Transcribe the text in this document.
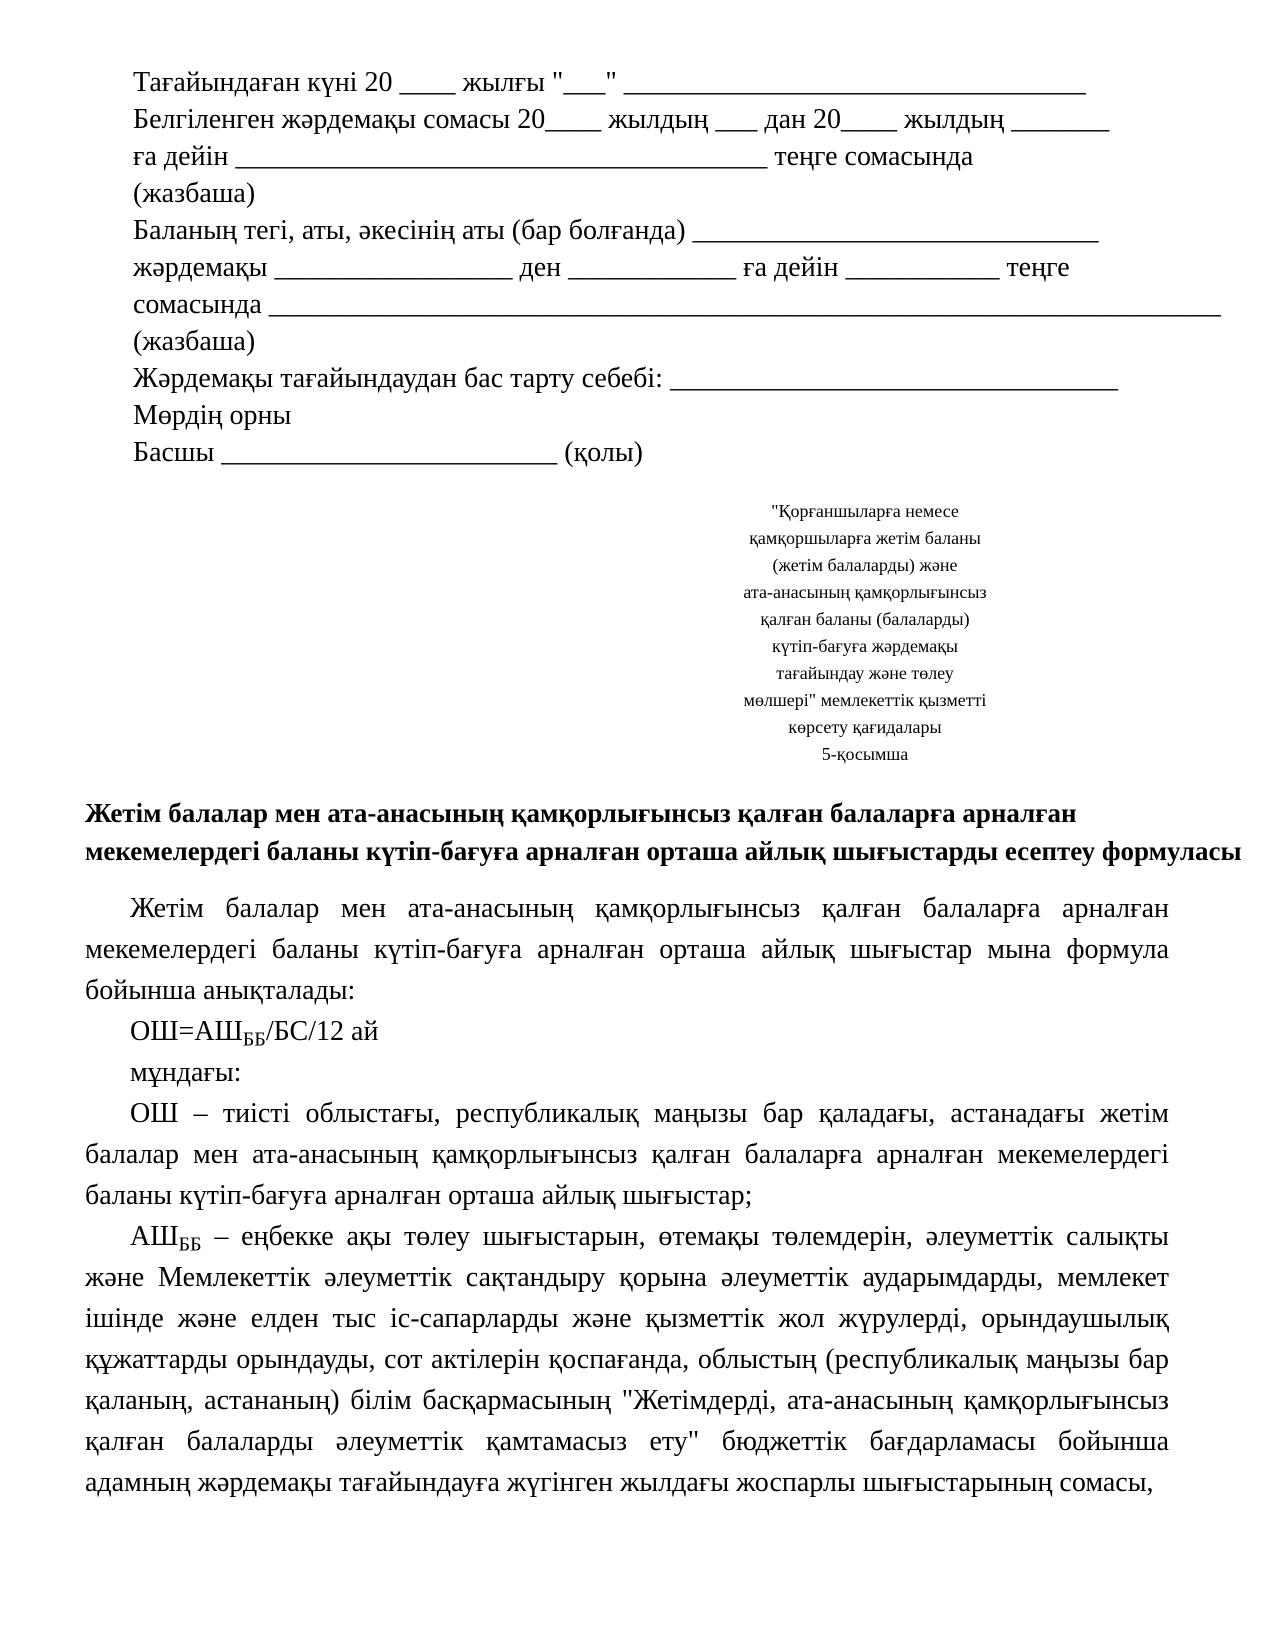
Тағайындаған күні 20 ____ жылғы "___" _________________________________
Белгіленген жәрдемақы сомасы 20____ жылдың ___ дан 20____ жылдың _______
ға дейін ______________________________________ теңге сомасында
(жазбаша)
Баланың тегі, аты, әкесінің аты (бар болғанда) _____________________________
жәрдемақы _________________ ден ____________ ға дейін ___________ теңге
сомасында ____________________________________________________________________
(жазбаша)
Жәрдемақы тағайындаудан бас тарту себебі: ________________________________
Мөрдің орны
Басшы ________________________ (қолы)
"Қорғаншыларға немесе
қамқоршыларға жетім баланы
(жетім балаларды) және
ата-анасының қамқорлығынсыз
қалған баланы (балаларды)
күтіп-бағуға жәрдемақы
тағайындау және төлеу
мөлшері" мемлекеттік қызметті
көрсету қағидалары
5-қосымша
Жетім балалар мен ата-анасының қамқорлығынсыз қалған балаларға арналған
мекемелердегі баланы күтіп-бағуға арналған орташа айлық шығыстарды есептеу формуласы

Жетім балалар мен ата-анасының қамқорлығынсыз қалған балаларға арналған мекемелердегі баланы күтіп-бағуға арналған орташа айлық шығыстар мына формула бойынша анықталады:

$ОШ=АШ_{ББ}/БС/12$ ай
мұндағы:

ОШ – тиісті облыстағы, республикалық маңызы бар қаладағы, астанадағы жетім балалар мен ата-анасының қамқорлығынсыз қалған балаларға арналған мекемелердегі баланы күтіп-бағуға арналған орташа айлық шығыстар;

$АШ_{ББ}$ – еңбекке ақы төлеу шығыстарын, өтемақы төлемдерін, әлеуметтік салықты және Мемлекеттік әлеуметтік сақтандыру қорына әлеуметтік аударымдарды, мемлекет ішінде және елден тыс іс-сапарларды және қызметтік жол жүрулерді, орындаушылық құжаттарды орындауды, сот актілерін қоспағанда, облыстың (республикалық маңызы бар қаланың, астананың) білім басқармасының "Жетімдерді, ата-анасының қамқорлығынсыз қалған балаларды әлеуметтік қамтамасыз ету" бюджеттік бағдарламасы бойынша адамның жәрдемақы тағайындауға жүгінген жылдағы жоспарлы шығыстарының сомасы,
